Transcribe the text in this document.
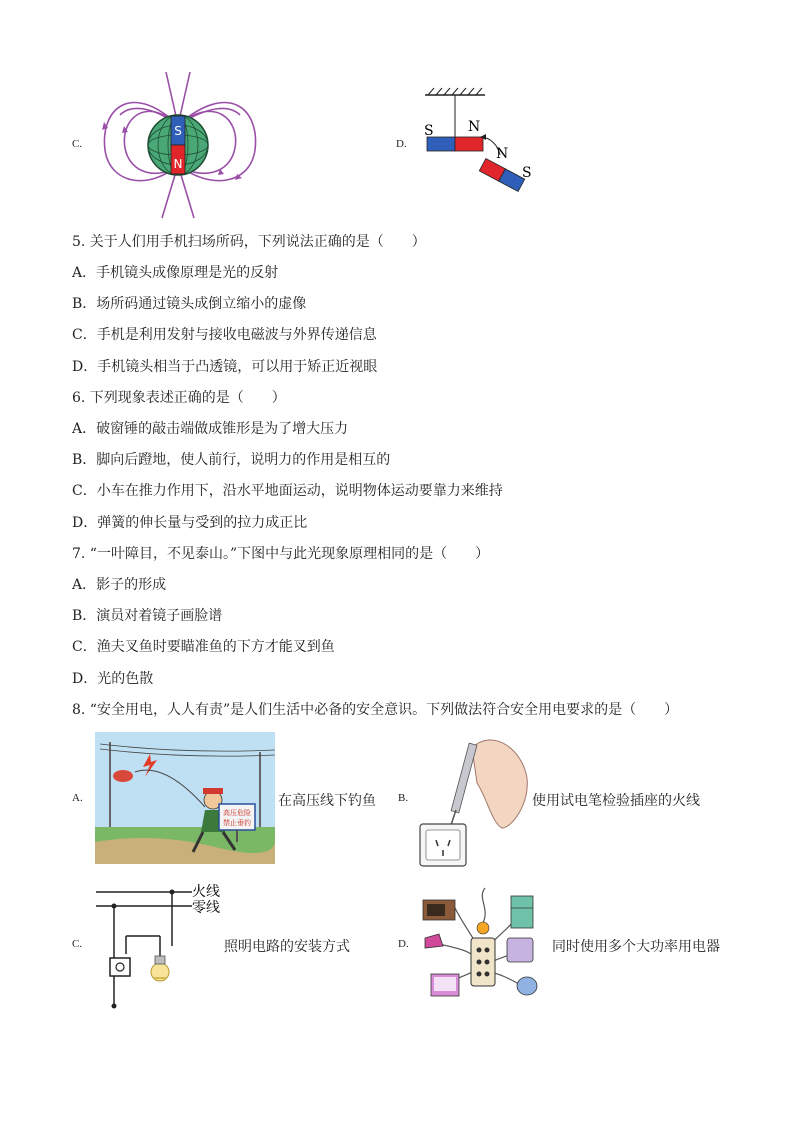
C.
S
N
D.
S N
N
S
5. 关于人们用手机扫场所码，下列说法正确的是（　　）
A．手机镜头成像原理是光的反射
B．场所码通过镜头成倒立缩小的虚像
C．手机是利用发射与接收电磁波与外界传递信息
D．手机镜头相当于凸透镜，可以用于矫正近视眼
6. 下列现象表述正确的是（　　）
A．破窗锤的敲击端做成锥形是为了增大压力
B．脚向后蹬地，使人前行，说明力的作用是相互的
C．小车在推力作用下，沿水平地面运动，说明物体运动要靠力来维持
D．弹簧的伸长量与受到的拉力成正比
7. “一叶障目，不见泰山。”下图中与此光现象原理相同的是（　　）
A．影子的形成
B．演员对着镜子画脸谱
C．渔夫叉鱼时要瞄准鱼的下方才能叉到鱼
D．光的色散
8. “安全用电，人人有责”是人们生活中必备的安全意识。下列做法符合安全用电要求的是（　　）
A.
高压危险
禁止垂钓
在高压线下钓鱼 B.	使用试电笔检验插座的火线
C.
火线
零线
照明电路的安装方式	D.	同时使用多个大功率用电器
